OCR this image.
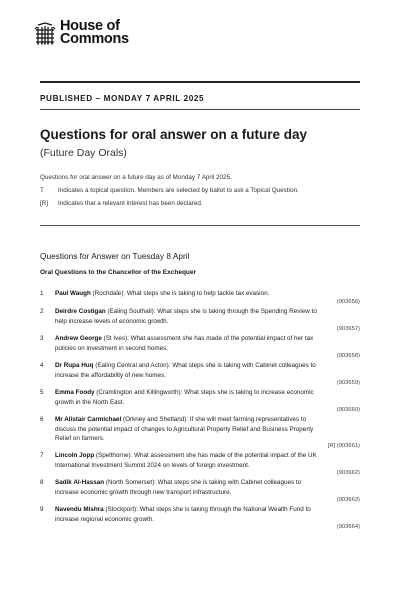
House of
Commons
PUBLISHED – MONDAY 7 APRIL 2025
Questions for oral answer on a future day
(Future Day Orals)
Questions for oral answer on a future day as of Monday 7 April 2025.
T	Indicates a topical question. Members are selected by ballot to ask a Topical Question.
[R]	Indicates that a relevant interest has been declared.
Questions for Answer on Tuesday 8 April
Oral Questions to the Chancellor of the Exchequer
1	Paul Waugh (Rochdale): What steps she is taking to help tackle tax evasion.
(903656)
2	Deirdre Costigan (Ealing Southall): What steps she is taking through the Spending Review to help increase levels of economic growth.
(903657)
3	Andrew George (St Ives): What assessment she has made of the potential impact of her tax policies on investment in second homes.
(903658)
4	Dr Rupa Huq (Ealing Central and Acton): What steps she is taking with Cabinet colleagues to increase the affordability of new homes.
(903659)
5	Emma Foody (Cramlington and Killingworth): What steps she is taking to increase economic growth in the North East.
(903660)
6	Mr Alistair Carmichael (Orkney and Shetland): If she will meet farming representatives to discuss the potential impact of changes to Agricultural Property Relief and Business Property Relief on farmers.
[R] (903661)
7	Lincoln Jopp (Spelthorne): What assessment she has made of the potential impact of the UK International Investment Summit 2024 on levels of foreign investment.
(903662)
8	Sadik Al-Hassan (North Somerset): What steps she is taking with Cabinet colleagues to increase economic growth through new transport infrastructure.
(903663)
9	Navendu Mishra (Stockport): What steps she is taking through the National Wealth Fund to increase regional economic growth.
(903664)
